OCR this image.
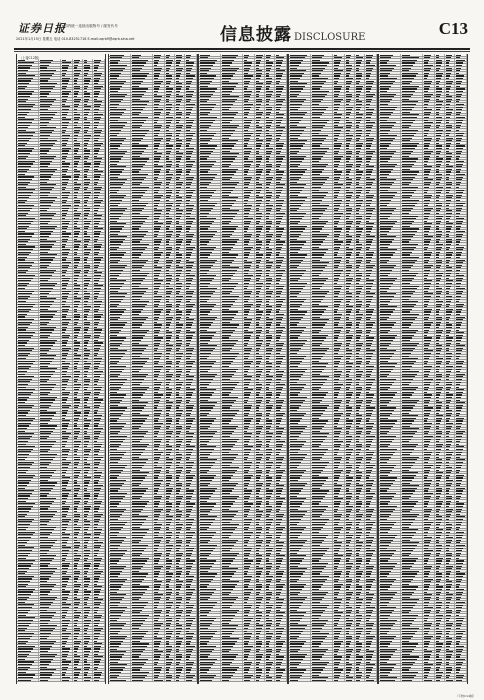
证券日报
国内统一连续出版物号 / 邮发代号
2021年1月15日 星期五 电话 010-83251716 E-mail:zqrb9@zqrb.sina.net	信息披露 DISCLOSURE	C13
（上接C12版）
（下转C14版）
